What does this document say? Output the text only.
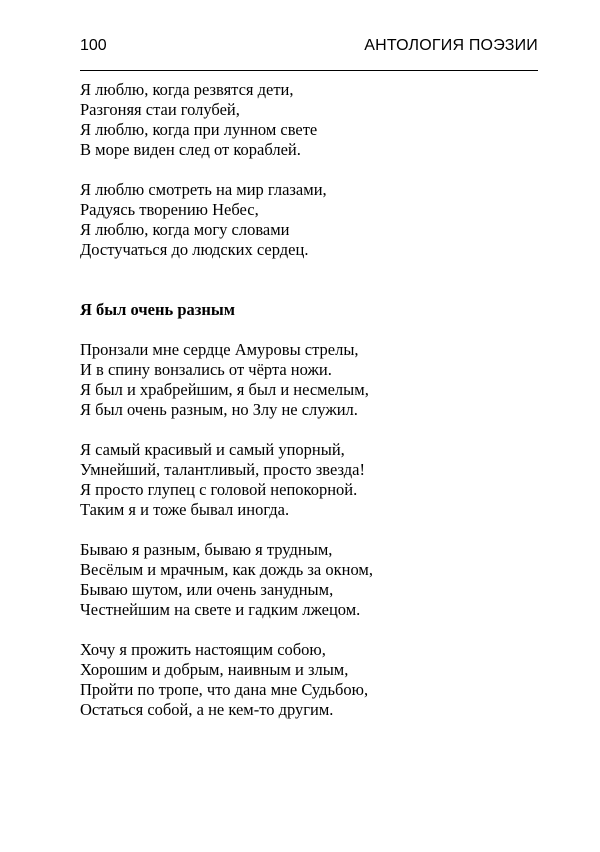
100	АНТОЛОГИЯ ПОЭЗИИ
Я люблю, когда резвятся дети,
Разгоняя стаи голубей,
Я люблю, когда при лунном свете
В море виден след от кораблей.
Я люблю смотреть на мир глазами,
Радуясь творению Небес,
Я люблю, когда могу словами
Достучаться до людских сердец.
Я был очень разным
Пронзали мне сердце Амуровы стрелы,
И в спину вонзались от чёрта ножи.
Я был и храбрейшим, я был и несмелым,
Я был очень разным, но Злу не служил.
Я самый красивый и самый упорный,
Умнейший, талантливый, просто звезда!
Я просто глупец с головой непокорной.
Таким я и тоже бывал иногда.
Бываю я разным, бываю я трудным,
Весёлым и мрачным, как дождь за окном,
Бываю шутом, или очень занудным,
Честнейшим на свете и гадким лжецом.
Хочу я прожить настоящим собою,
Хорошим и добрым, наивным и злым,
Пройти по тропе, что дана мне Судьбою,
Остаться собой, а не кем-то другим.
